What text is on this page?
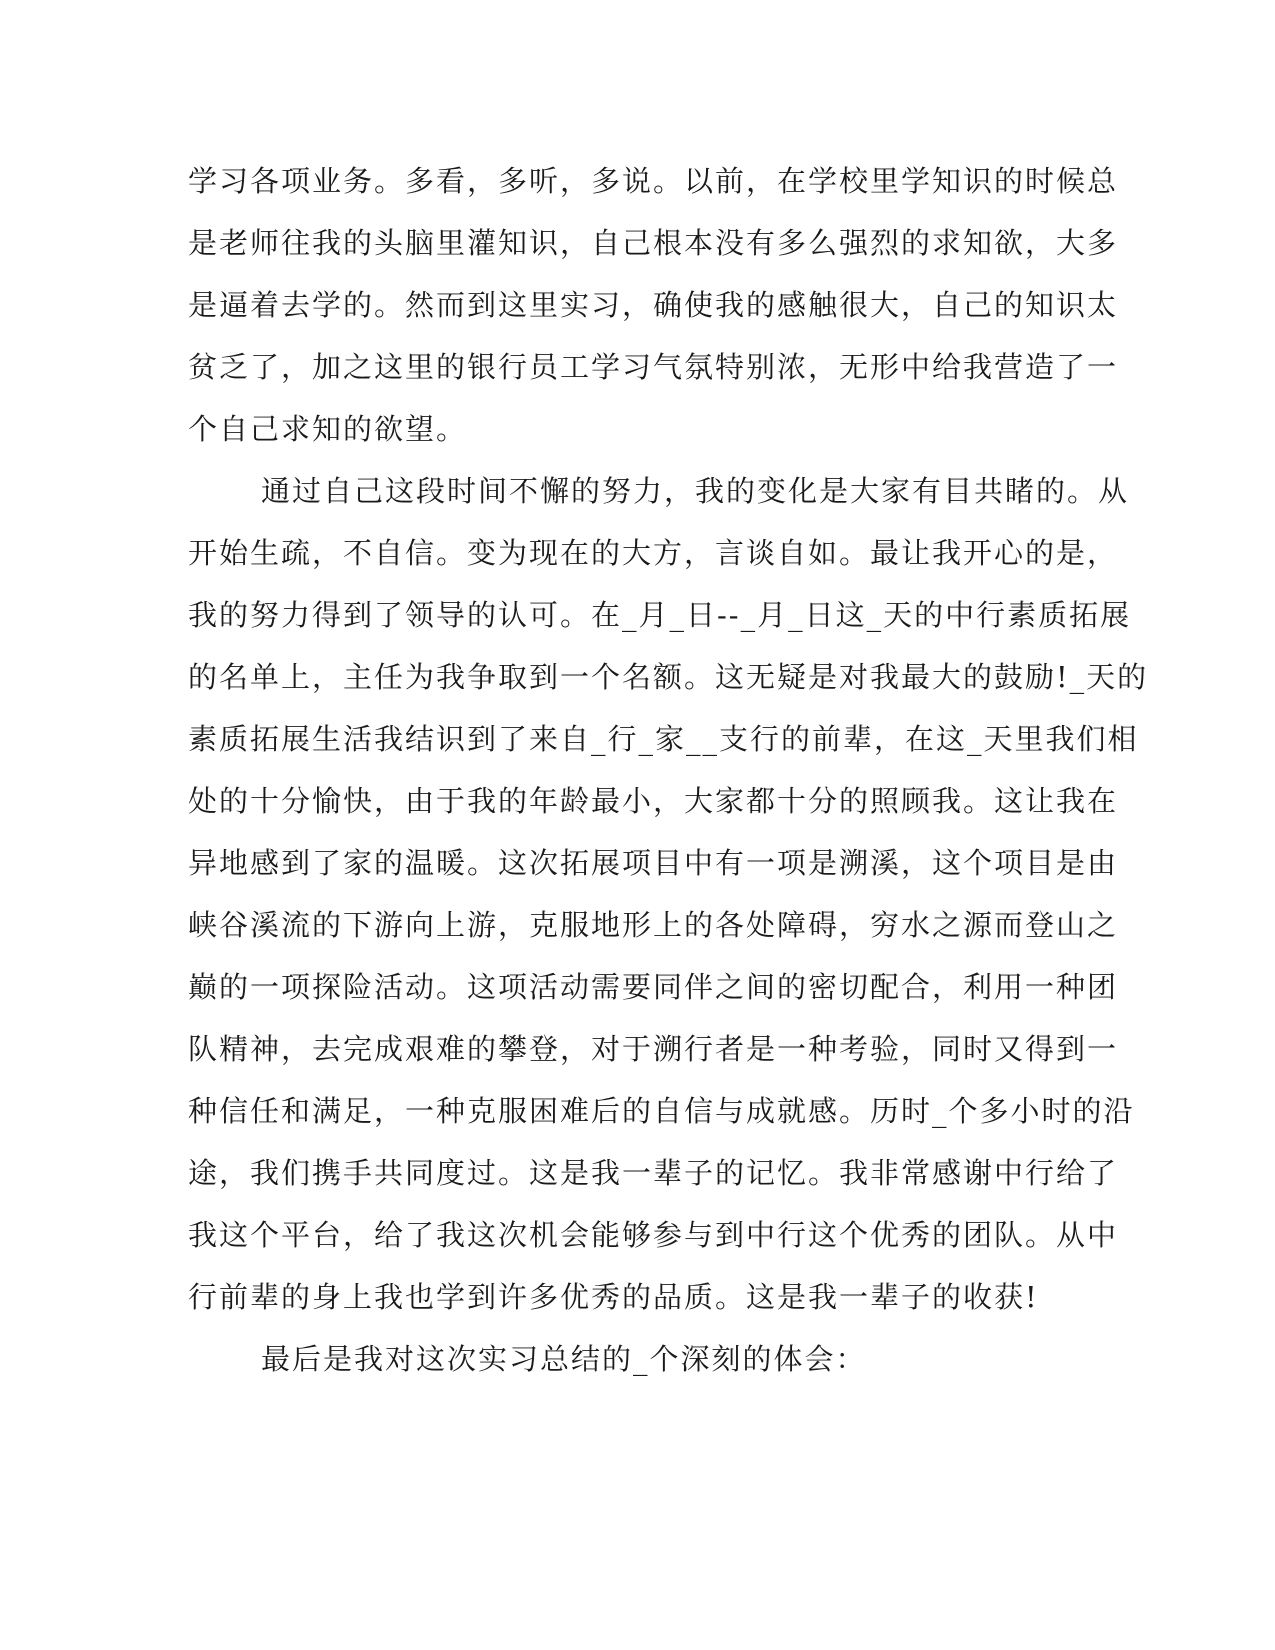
学习各项业务。多看，多听，多说。以前，在学校里学知识的时候总
是老师往我的头脑里灌知识，自己根本没有多么强烈的求知欲，大多
是逼着去学的。然而到这里实习，确使我的感触很大，自己的知识太
贫乏了，加之这里的银行员工学习气氛特别浓，无形中给我营造了一
个自己求知的欲望。
通过自己这段时间不懈的努力，我的变化是大家有目共睹的。从
开始生疏，不自信。变为现在的大方，言谈自如。最让我开心的是，
我的努力得到了领导的认可。在_月_日--_月_日这_天的中行素质拓展
的名单上，主任为我争取到一个名额。这无疑是对我最大的鼓励!_天的
素质拓展生活我结识到了来自_行_家__支行的前辈，在这_天里我们相
处的十分愉快，由于我的年龄最小，大家都十分的照顾我。这让我在
异地感到了家的温暖。这次拓展项目中有一项是溯溪，这个项目是由
峡谷溪流的下游向上游，克服地形上的各处障碍，穷水之源而登山之
巅的一项探险活动。这项活动需要同伴之间的密切配合，利用一种团
队精神，去完成艰难的攀登，对于溯行者是一种考验，同时又得到一
种信任和满足，一种克服困难后的自信与成就感。历时_个多小时的沿
途，我们携手共同度过。这是我一辈子的记忆。我非常感谢中行给了
我这个平台，给了我这次机会能够参与到中行这个优秀的团队。从中
行前辈的身上我也学到许多优秀的品质。这是我一辈子的收获!
最后是我对这次实习总结的_个深刻的体会：
